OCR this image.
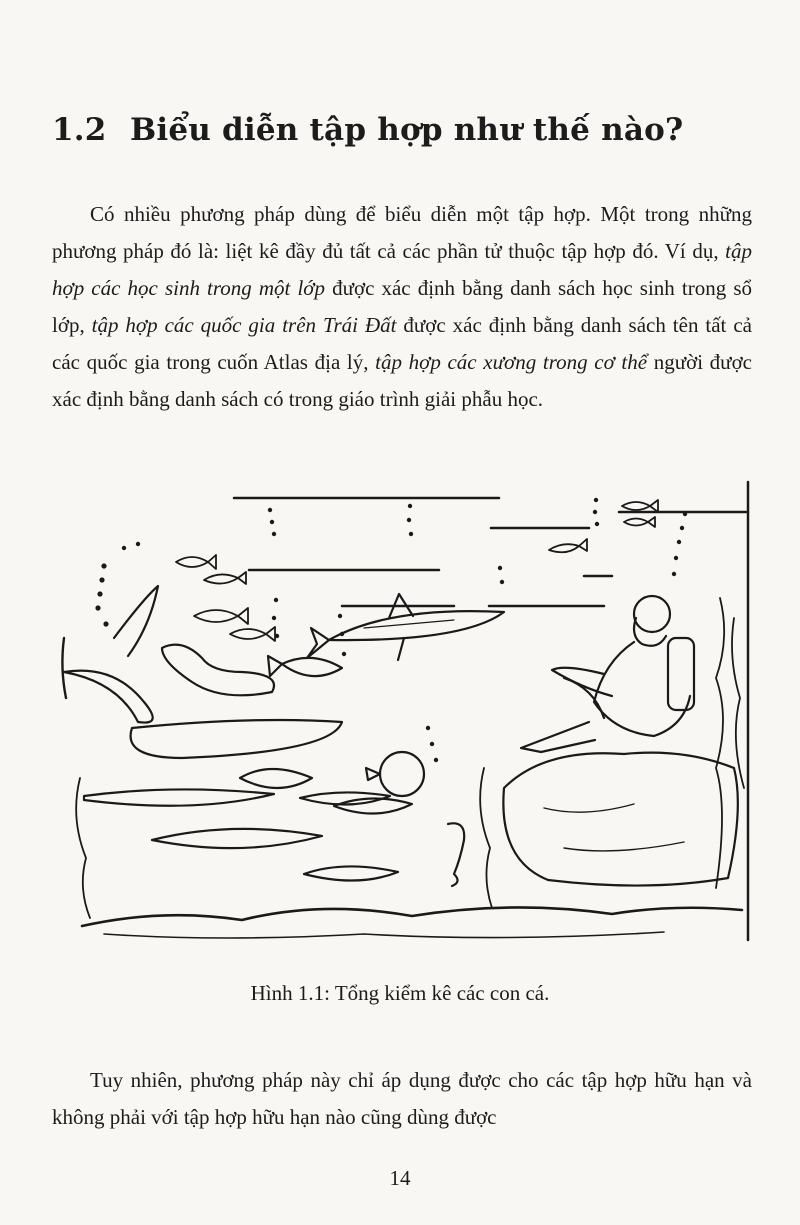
1.2 Biểu diễn tập hợp như thế nào?
Có nhiều phương pháp dùng để biểu diễn một tập hợp. Một trong những phương pháp đó là: liệt kê đầy đủ tất cả các phần tử thuộc tập hợp đó. Ví dụ, tập hợp các học sinh trong một lớp được xác định bằng danh sách học sinh trong sổ lớp, tập hợp các quốc gia trên Trái Đất được xác định bằng danh sách tên tất cả các quốc gia trong cuốn Atlas địa lý, tập hợp các xương trong cơ thể người được xác định bằng danh sách có trong giáo trình giải phẫu học.
Hình 1.1: Tổng kiểm kê các con cá.
Tuy nhiên, phương pháp này chỉ áp dụng được cho các tập hợp hữu hạn và không phải với tập hợp hữu hạn nào cũng dùng được
14
